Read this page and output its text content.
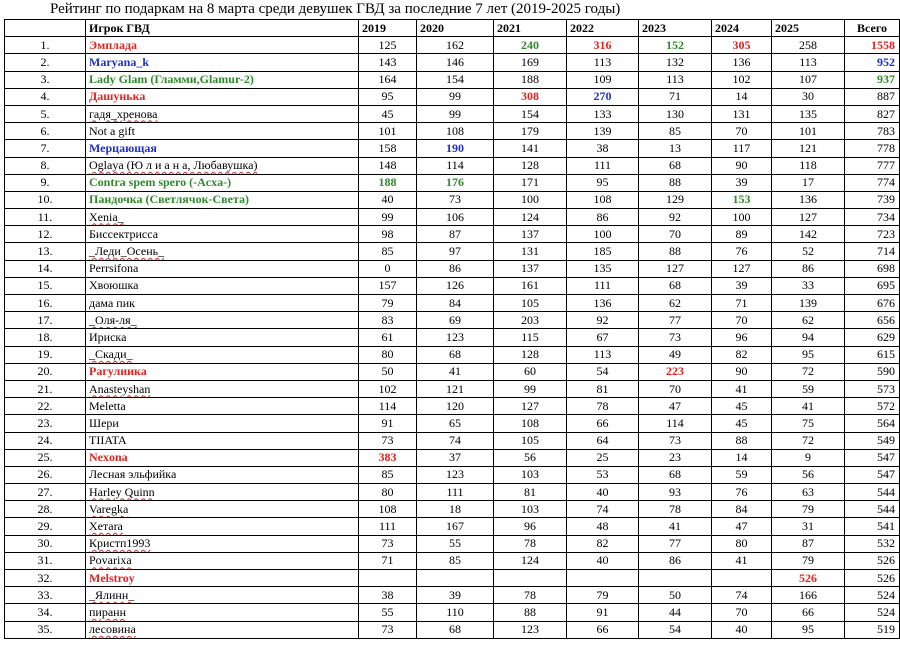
Рейтинг по подаркам на 8 марта среди девушек ГВД за последние 7 лет (2019-2025 годы)
	Игрок ГВД	2019	2020	2021	2022	2023	2024	2025	Всего
1.	Эмплада	125	162	240	316	152	305	258	1558
2.	Maryana_k	143	146	169	113	132	136	113	952
3.	Lady Glam (Гламми,Glamur-2)	164	154	188	109	113	102	107	937
4.	Дашунька	95	99	308	270	71	14	30	887
5.	гадя_хренова	45	99	154	133	130	131	135	827
6.	Not a gift	101	108	179	139	85	70	101	783
7.	Мерцающая	158	190	141	38	13	117	121	778
8.	Oglaya (Ю л и а н а, Любавушка)	148	114	128	111	68	90	118	777
9.	Contra spem spero (-Acxa-)	188	176	171	95	88	39	17	774
10.	Пандочка (Светлячок-Света)	40	73	100	108	129	153	136	739
11.	Xenia_	99	106	124	86	92	100	127	734
12.	Биссектрисса	98	87	137	100	70	89	142	723
13.	_Леди_Осень_	85	97	131	185	88	76	52	714
14.	Perrsifona	0	86	137	135	127	127	86	698
15.	Хвоюшка	157	126	161	111	68	39	33	695
16.	дама пик	79	84	105	136	62	71	139	676
17.	_Оля-ля_	83	69	203	92	77	70	62	656
18.	Ириска	61	123	115	67	73	96	94	629
19.	_Скади_	80	68	128	113	49	82	95	615
20.	Рагулиика	50	41	60	54	223	90	72	590
21.	Anasteyshan	102	121	99	81	70	41	59	573
22.	Meletta	114	120	127	78	47	45	41	572
23.	Шери	91	65	108	66	114	45	75	564
24.	TIIATA	73	74	105	64	73	88	72	549
25.	Nexona	383	37	56	25	23	14	9	547
26.	Лесная эльфийка	85	123	103	53	68	59	56	547
27.	Harley Quinn	80	111	81	40	93	76	63	544
28.	Varegka	108	18	103	74	78	84	79	544
29.	Xeтara	111	167	96	48	41	47	31	541
30.	Кристп1993	73	55	78	82	77	80	87	532
31.	Povarixa	71	85	124	40	86	41	79	526
32.	Melstroy							526	526
33.	_Ялинн_	38	39	78	79	50	74	166	524
34.	пиранн	55	110	88	91	44	70	66	524
35.	лесовина	73	68	123	66	54	40	95	519
